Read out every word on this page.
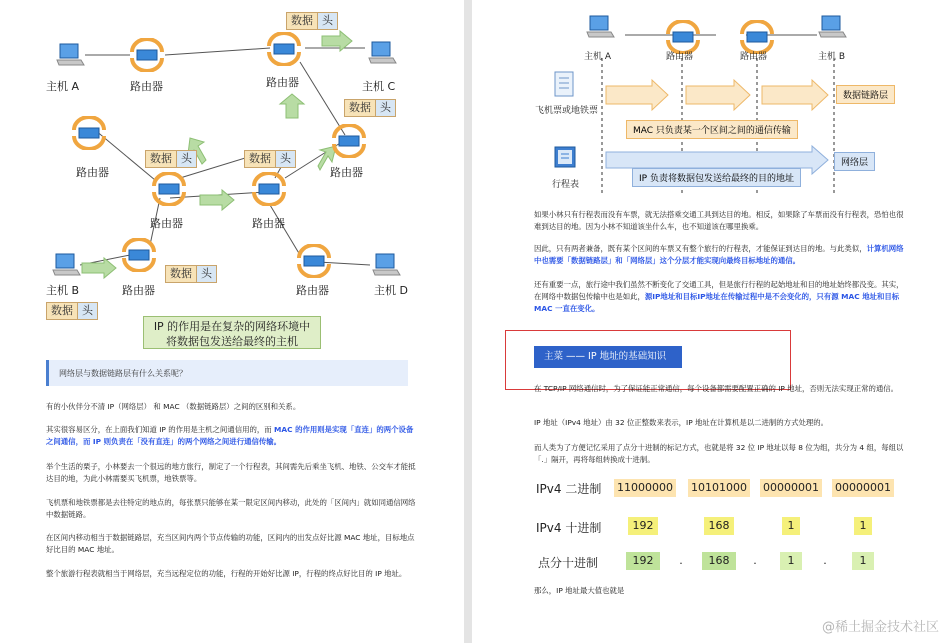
主机 A	路由器	路由器	主机 C
路由器	路由器
路由器	路由器
主机 B	路由器	路由器	主机 D
数据 头
数据 头
数据 头	数据 头
数据 头
数据 头
IP 的作用是在复杂的网络环境中
将数据包发送给最终的主机
网络层与数据链路层有什么关系呢？
有的小伙伴分不清 IP（网络层） 和 MAC （数据链路层）之间的区别和关系。
其实很容易区分，在上面我们知道 IP 的作用是主机之间通信用的，而 MAC 的作用则是实现「直连」的两个设备之间通信，而 IP 则负责在「没有直连」的两个网络之间进行通信传输。
举个生活的栗子，小林要去一个很远的地方旅行，制定了一个行程表，其间需先后乘坐飞机、地铁、公交车才能抵达目的地，为此小林需要买飞机票，地铁票等。
飞机票和地铁票都是去往特定的地点的，每张票只能够在某一限定区间内移动，此处的「区间内」就如同通信网络中数据链路。
在区间内移动相当于数据链路层，充当区间内两个节点传输的功能，区间内的出发点好比源 MAC 地址，目标地点好比目的 MAC 地址。
整个旅游行程表就相当于网络层，充当远程定位的功能，行程的开始好比源 IP，行程的终点好比目的 IP 地址。
主机 A	路由器	路由器	主机 B
飞机票或地铁票
行程表
数据链路层
网络层
MAC 只负责某一个区间之间的通信传输
IP 负责将数据包发送给最终的目的地址
如果小林只有行程表而没有车票，就无法搭乘交通工具到达目的地。相反，如果除了车票而没有行程表，恐怕也很难到达目的地。因为小林不知道该坐什么车，也不知道该在哪里换乘。
因此，只有两者兼备，既有某个区间的车票又有整个旅行的行程表，才能保证到达目的地。与此类似，计算机网络中也需要「数据链路层」和「网络层」这个分层才能实现向最终目标地址的通信。
还有重要一点，旅行途中我们虽然不断变化了交通工具，但是旅行行程的起始地址和目的地址始终都没变。其实，在网络中数据包传输中也是如此，源IP地址和目标IP地址在传输过程中是不会变化的，只有源 MAC 地址和目标 MAC 一直在变化。
主菜 —— IP 地址的基础知识
在 TCP/IP 网络通信时，为了保证能正常通信，每个设备都需要配置正确的 IP 地址，否则无法实现正常的通信。
IP 地址（IPv4 地址）由 32 位正整数来表示，IP 地址在计算机是以二进制的方式处理的。
而人类为了方便记忆采用了点分十进制的标记方式，也就是将 32 位 IP 地址以每 8 位为组，共分为 4 组，每组以「.」隔开，再将每组转换成十进制。
IPv4 二进制 11000000 10101000 00000001 00000001
IPv4 十进制	192	168	1	1
点分十进制	192	.	168	.	1	.	1
那么，IP 地址最大值也就是
@稀土掘金技术社区
